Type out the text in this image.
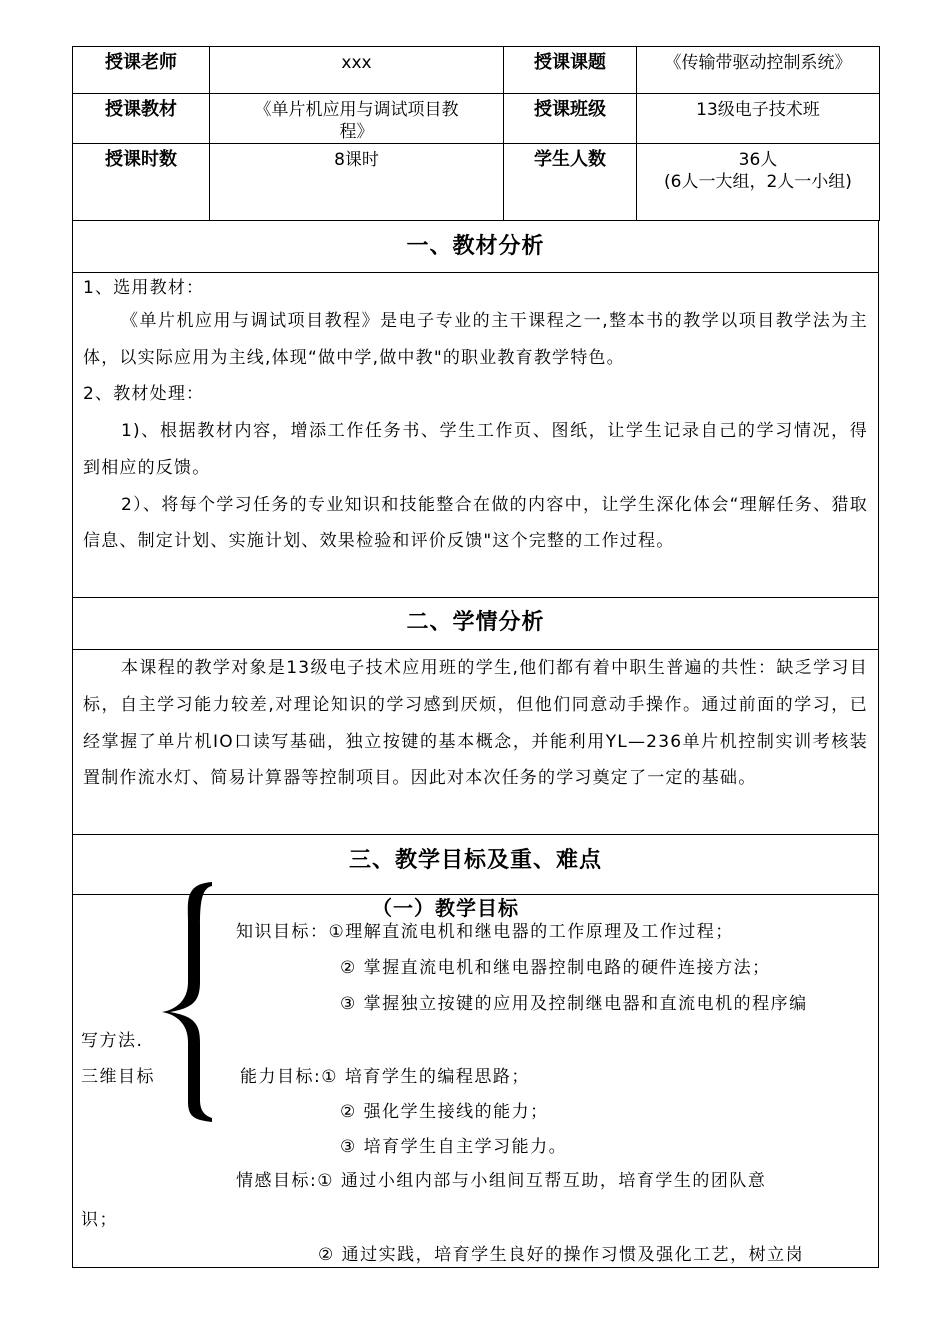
授课老师	xxx	授课课题	《传输带驱动控制系统》
授课教材	《单片机应用与调试项目教程》	授课班级	13级电子技术班
授课时数	8课时	学生人数	36人
(6人一大组，2人一小组)
一、教材分析
1、选用教材：
《单片机应用与调试项目教程》是电子专业的主干课程之一,整本书的教学以项目教学法为主体，以实际应用为主线,体现“做中学,做中教"的职业教育教学特色。
2、教材处理：
1)、根据教材内容，增添工作任务书、学生工作页、图纸，让学生记录自己的学习情况，得到相应的反馈。
2）、将每个学习任务的专业知识和技能整合在做的内容中，让学生深化体会“理解任务、猎取信息、制定计划、实施计划、效果检验和评价反馈"这个完整的工作过程。
二、学情分析
本课程的教学对象是13级电子技术应用班的学生,他们都有着中职生普遍的共性：缺乏学习目标，自主学习能力较差,对理论知识的学习感到厌烦，但他们同意动手操作。通过前面的学习，已经掌握了单片机IO口读写基础，独立按键的基本概念，并能利用YL—236单片机控制实训考核装置制作流水灯、简易计算器等控制项目。因此对本次任务的学习奠定了一定的基础。
三、教学目标及重、难点
（一）教学目标
知识目标：①理解直流电机和继电器的工作原理及工作过程；
② 掌握直流电机和继电器控制电路的硬件连接方法；
③ 掌握独立按键的应用及控制继电器和直流电机的程序编
写方法.
三维目标	能力目标:① 培育学生的编程思路；
② 强化学生接线的能力；
③ 培育学生自主学习能力。
情感目标:① 通过小组内部与小组间互帮互助，培育学生的团队意
识；
② 通过实践，培育学生良好的操作习惯及强化工艺，树立岗
